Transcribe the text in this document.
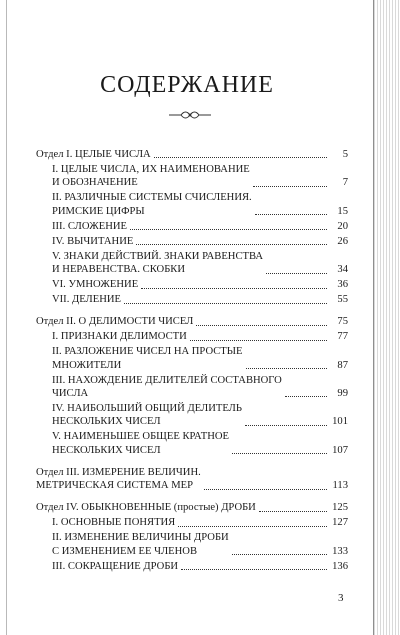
СОДЕРЖАНИЕ
Отдел I. ЦЕЛЫЕ ЧИСЛА	5
I. ЦЕЛЫЕ ЧИСЛА, ИХ НАИМЕНОВАНИЕ
И ОБОЗНАЧЕНИЕ	7
II. РАЗЛИЧНЫЕ СИСТЕМЫ СЧИСЛЕНИЯ.
РИМСКИЕ ЦИФРЫ	15
III. СЛОЖЕНИЕ	20
IV. ВЫЧИТАНИЕ	26
V. ЗНАКИ ДЕЙСТВИЙ. ЗНАКИ РАВЕНСТВА
И НЕРАВЕНСТВА. СКОБКИ	34
VI. УМНОЖЕНИЕ	36
VII. ДЕЛЕНИЕ	55
Отдел II. О ДЕЛИМОСТИ ЧИСЕЛ	75
I. ПРИЗНАКИ ДЕЛИМОСТИ	77
II. РАЗЛОЖЕНИЕ ЧИСЕЛ НА ПРОСТЫЕ
МНОЖИТЕЛИ	87
III. НАХОЖДЕНИЕ ДЕЛИТЕЛЕЙ СОСТАВНОГО
ЧИСЛА	99
IV. НАИБОЛЬШИЙ ОБЩИЙ ДЕЛИТЕЛЬ
НЕСКОЛЬКИХ ЧИСЕЛ	101
V. НАИМЕНЬШЕЕ ОБЩЕЕ КРАТНОЕ
НЕСКОЛЬКИХ ЧИСЕЛ	107
Отдел III. ИЗМЕРЕНИЕ ВЕЛИЧИН.
МЕТРИЧЕСКАЯ СИСТЕМА МЕР	113
Отдел IV. ОБЫКНОВЕННЫЕ (простые) ДРОБИ	125
I. ОСНОВНЫЕ ПОНЯТИЯ	127
II. ИЗМЕНЕНИЕ ВЕЛИЧИНЫ ДРОБИ
С ИЗМЕНЕНИЕМ ЕЕ ЧЛЕНОВ	133
III. СОКРАЩЕНИЕ ДРОБИ	136
3
